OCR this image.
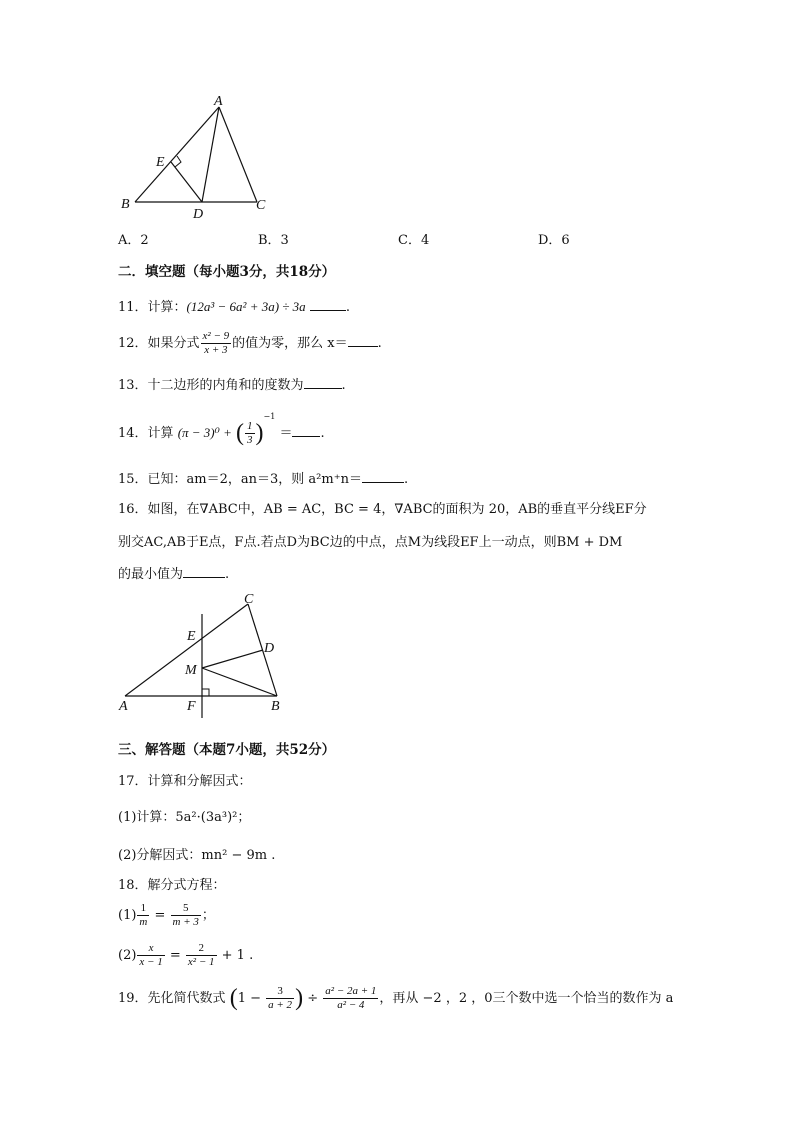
A
E
B
D
C
A．2	B．3	C．4	D．6
二．填空题（每小题3分，共18分）
11．计算：(12a³ − 6a² + 3a) ÷ 3a	.
12．如果分式 $\frac{\text{x² − 9}}{x + 3}$ 的值为零，那么 x＝ .
13．十二边形的内角和的度数为	.
14．计算 (π − 3)⁰ + ( $\frac{1}{3} )^{-1}$ ＝ .
15．已知：am＝2，an＝3，则 a²m⁺n＝	.
16．如图，在∇ABC中，AB = AC，BC = 4，∇ABC的面积为 20，AB的垂直平分线EF分
别交AC,AB于E点，F点.若点D为BC边的中点，点M为线段EF上一动点，则BM + DM
的最小值为	.
C
E
D
M
A	F	B
三、解答题（本题7小题，共52分）
17．计算和分解因式：
(1)计算：5a²·(3a³)²；
(2)分解因式：mn² − 9m .
18．解分式方程：
$(1) \frac{1}{m} = \frac{5}{m + 3}$ ；
$(2) \frac{x}{x - 1} = \frac{2}{\text{x² − 1}} + 1$ .
19．先化简代数式 ($1 - \frac{3}{a + 2}$ ) ÷ $\frac{\text{a² − 2a + 1}}{\text{a² − 4}}$ ，再从 −2 ，2 ，0三个数中选一个恰当的数作为 a
